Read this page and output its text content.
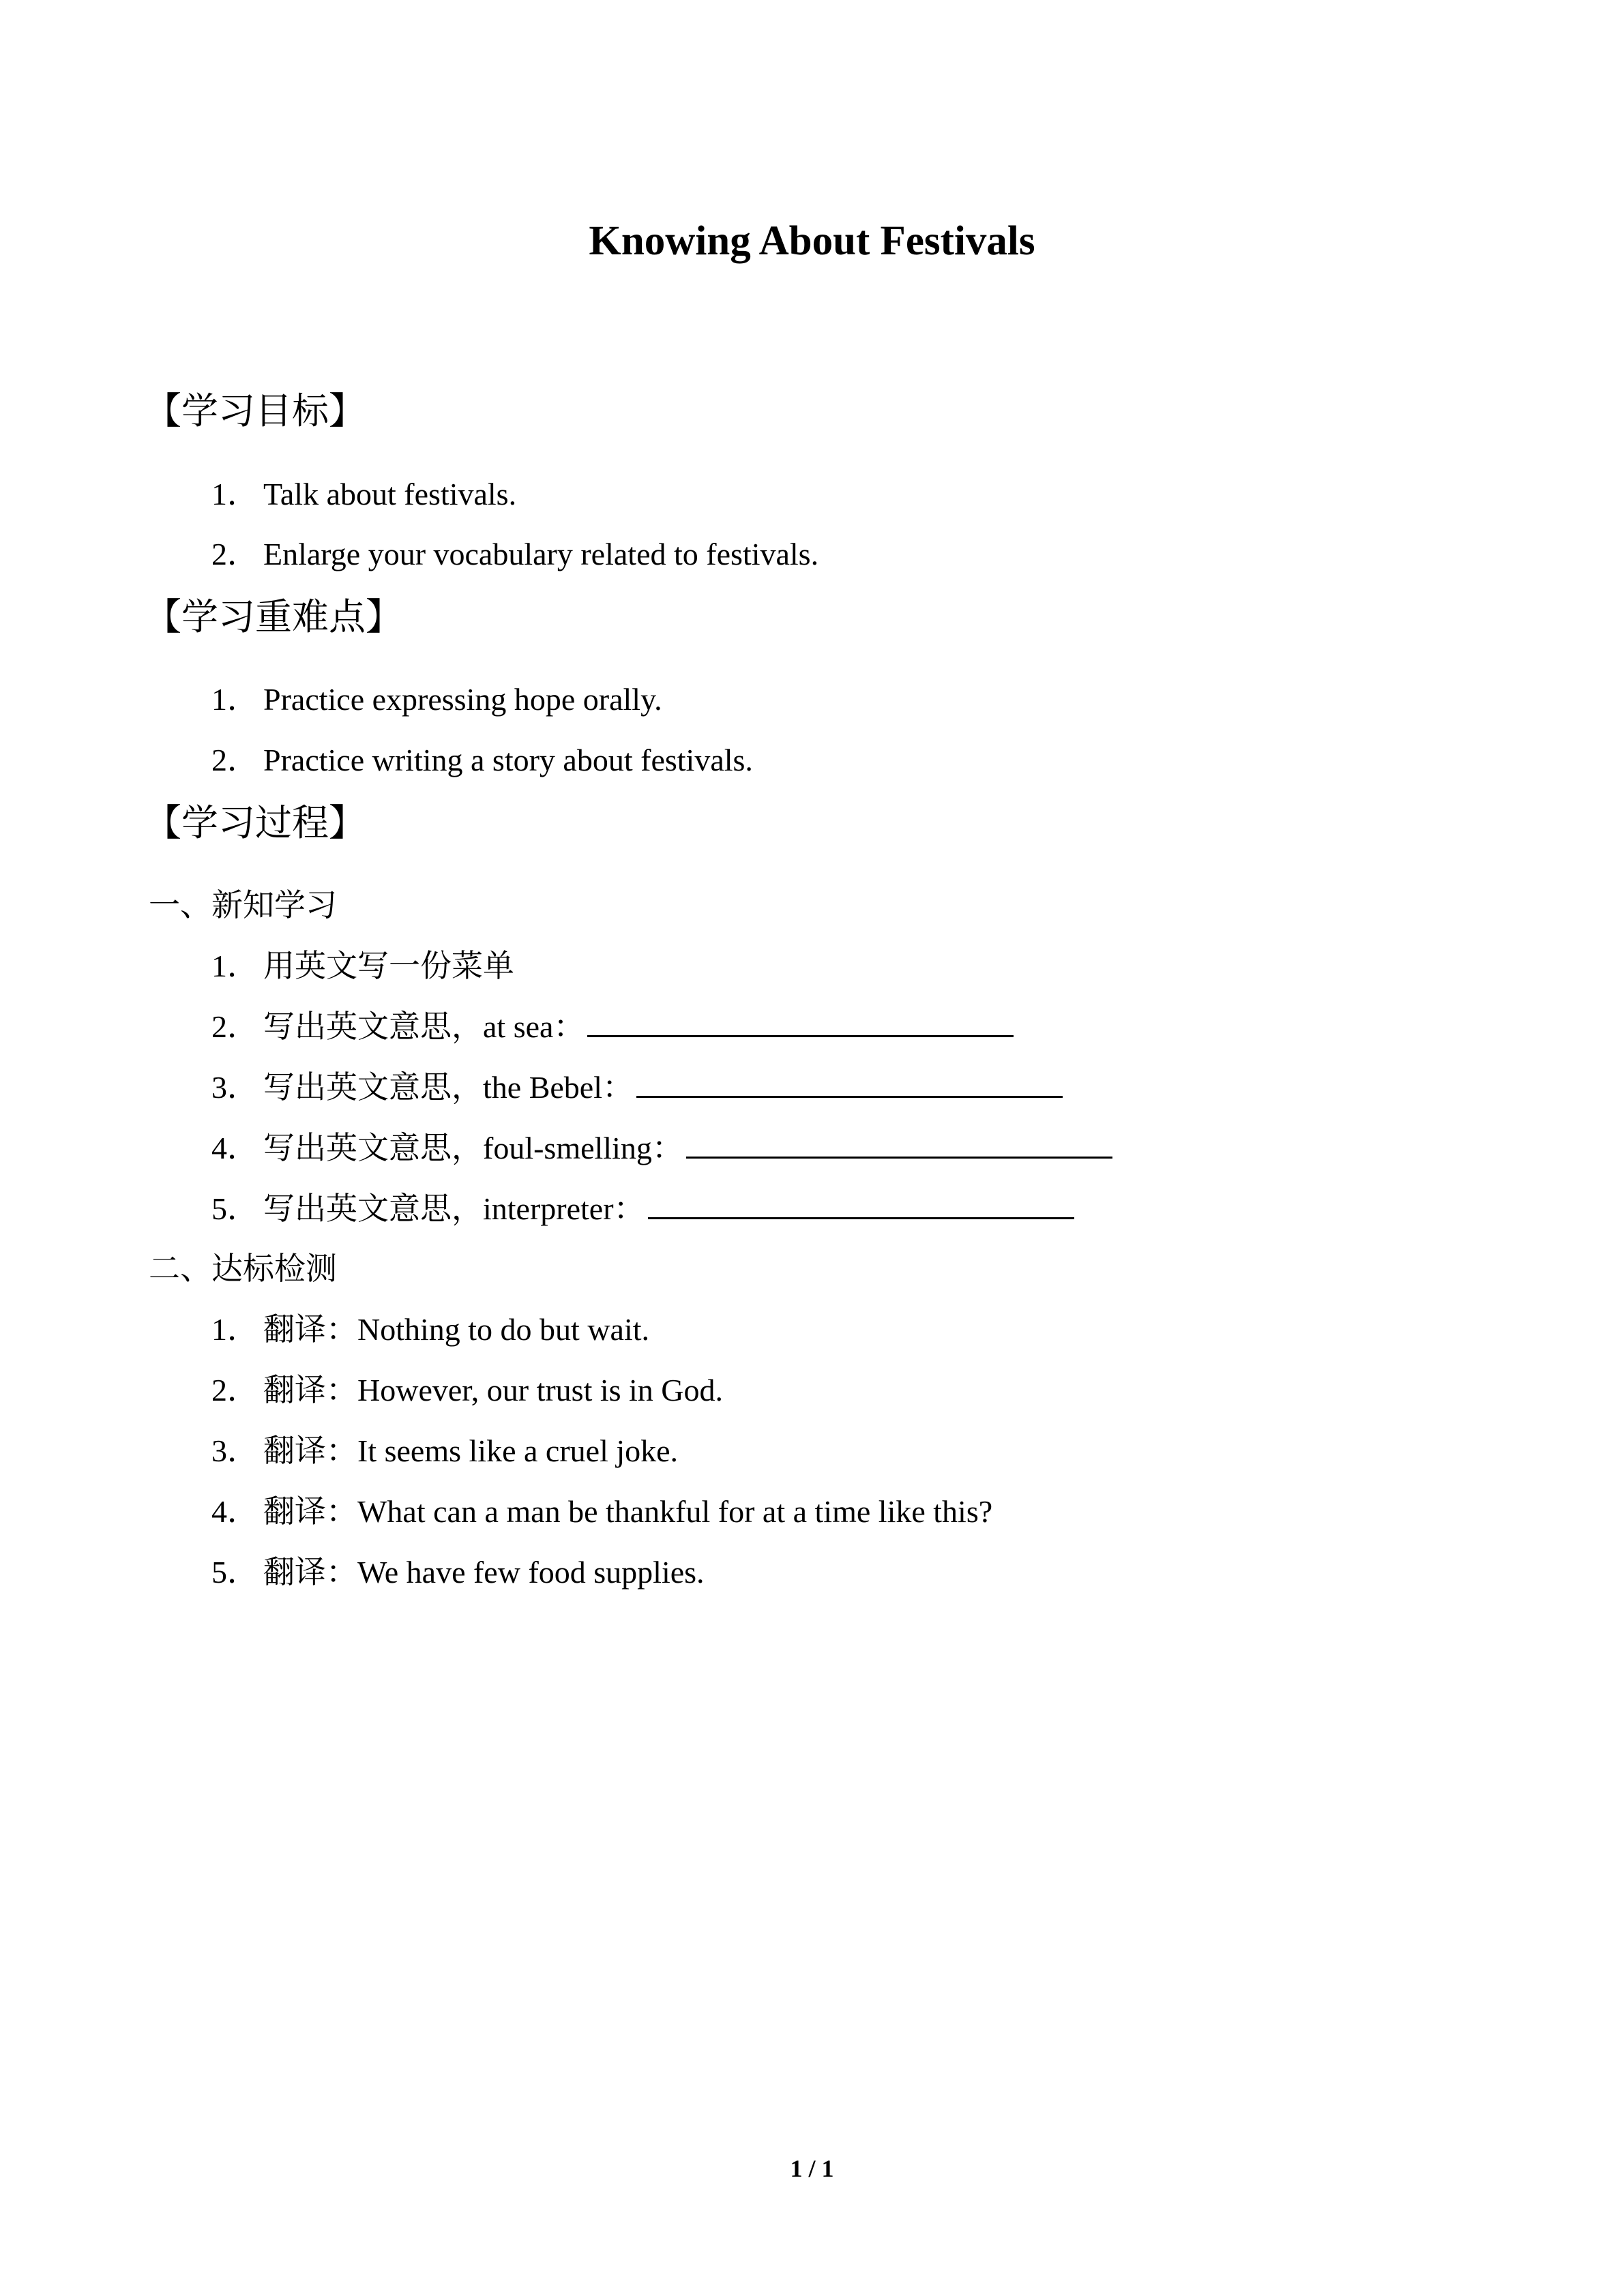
Knowing About Festivals
【学习目标】
1． Talk about festivals.
2． Enlarge your vocabulary related to festivals.
【学习重难点】
1． Practice expressing hope orally.
2． Practice writing a story about festivals.
【学习过程】
一、新知学习
1． 用英文写一份菜单
2． 写出英文意思，at sea：
3． 写出英文意思，the Bebel：
4． 写出英文意思，foul-smelling：
5． 写出英文意思，interpreter：
二、达标检测
1． 翻译：Nothing to do but wait.
2． 翻译：However, our trust is in God.
3． 翻译：It seems like a cruel joke.
4． 翻译：What can a man be thankful for at a time like this?
5． 翻译：We have few food supplies.
1 / 1
